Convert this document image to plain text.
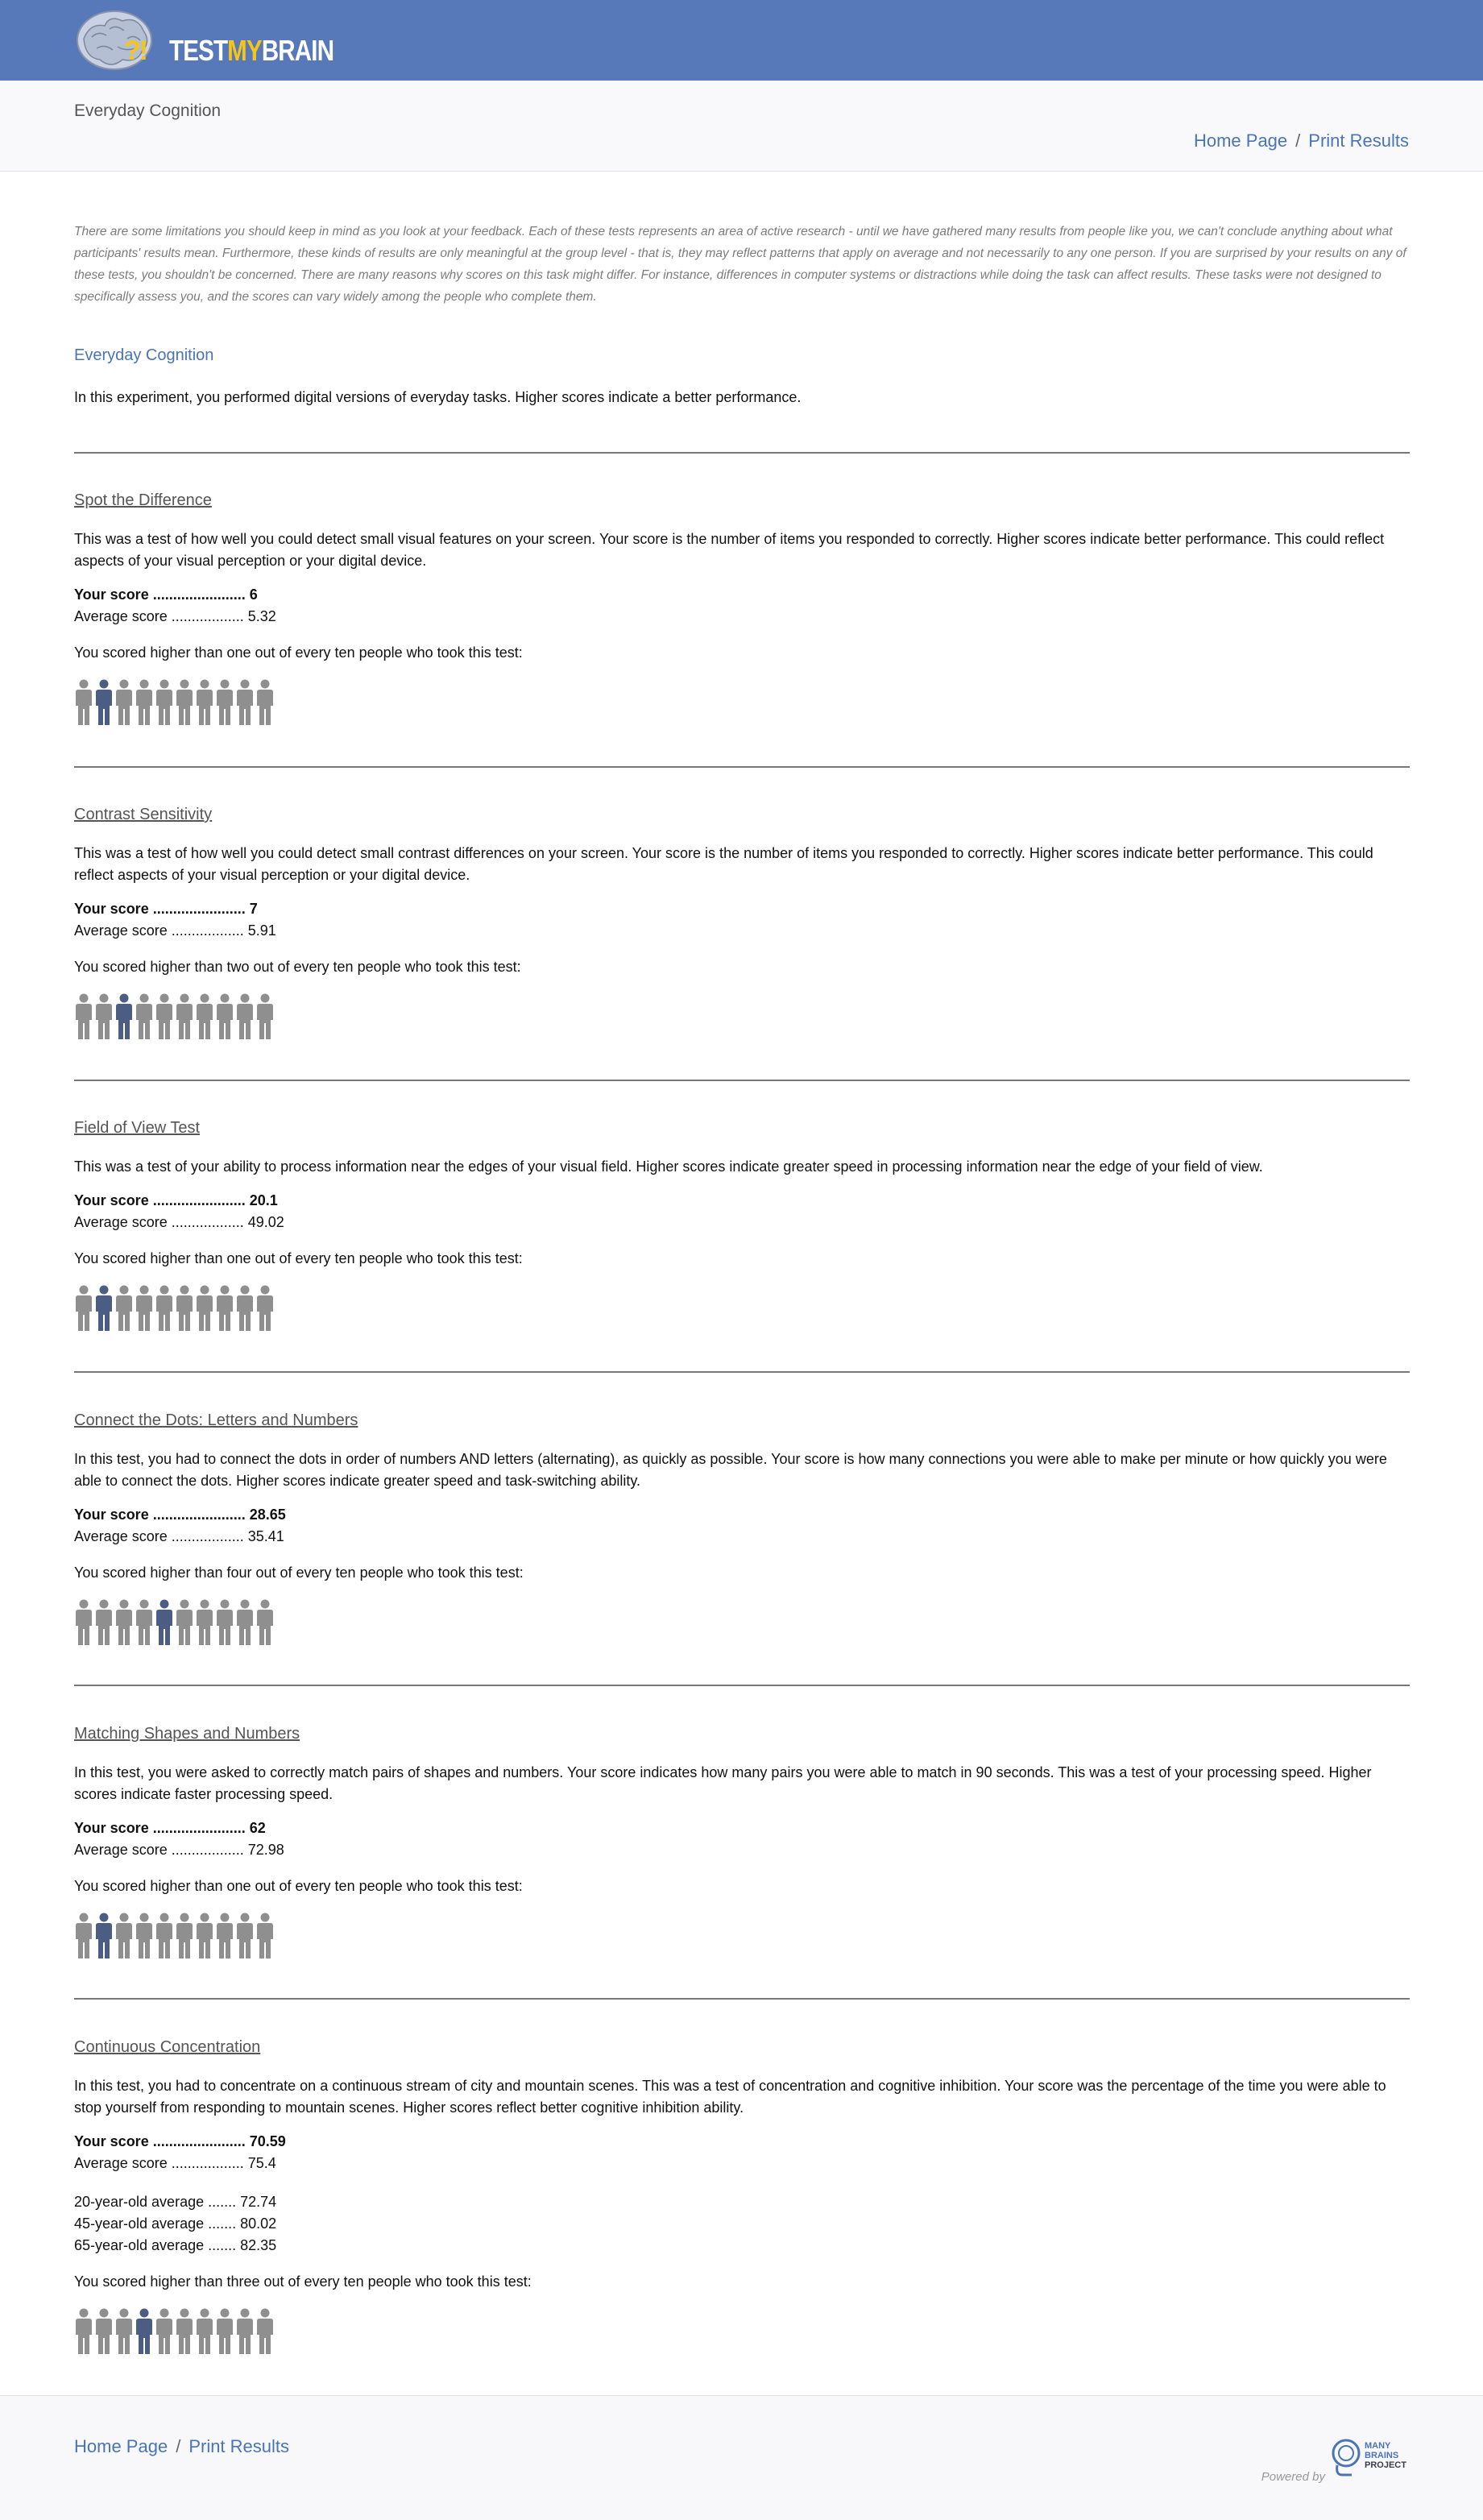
?! TESTMYBRAIN
Everyday Cognition
Home Page / Print Results
There are some limitations you should keep in mind as you look at your feedback. Each of these tests represents an area of active research - until we have gathered many results from people like you, we can't conclude anything about what participants' results mean. Furthermore, these kinds of results are only meaningful at the group level - that is, they may reflect patterns that apply on average and not necessarily to any one person. If you are surprised by your results on any of these tests, you shouldn't be concerned. There are many reasons why scores on this task might differ. For instance, differences in computer systems or distractions while doing the task can affect results. These tasks were not designed to specifically assess you, and the scores can vary widely among the people who complete them.
Everyday Cognition
In this experiment, you performed digital versions of everyday tasks. Higher scores indicate a better performance.

Spot the Difference

This was a test of how well you could detect small visual features on your screen. Your score is the number of items you responded to correctly. Higher scores indicate better performance. This could reflect aspects of your visual perception or your digital device.

Your score ....................... 6
Average score .................. 5.32
You scored higher than one out of every ten people who took this test:

Contrast Sensitivity

This was a test of how well you could detect small contrast differences on your screen. Your score is the number of items you responded to correctly. Higher scores indicate better performance. This could reflect aspects of your visual perception or your digital device.

Your score ....................... 7
Average score .................. 5.91
You scored higher than two out of every ten people who took this test:

Field of View Test

This was a test of your ability to process information near the edges of your visual field. Higher scores indicate greater speed in processing information near the edge of your field of view.

Your score ....................... 20.1
Average score .................. 49.02
You scored higher than one out of every ten people who took this test:

Connect the Dots: Letters and Numbers

In this test, you had to connect the dots in order of numbers AND letters (alternating), as quickly as possible. Your score is how many connections you were able to make per minute or how quickly you were able to connect the dots. Higher scores indicate greater speed and task-switching ability.

Your score ....................... 28.65
Average score .................. 35.41
You scored higher than four out of every ten people who took this test:

Matching Shapes and Numbers

In this test, you were asked to correctly match pairs of shapes and numbers. Your score indicates how many pairs you were able to match in 90 seconds. This was a test of your processing speed. Higher scores indicate faster processing speed.

Your score ....................... 62
Average score .................. 72.98
You scored higher than one out of every ten people who took this test:

Continuous Concentration

In this test, you had to concentrate on a continuous stream of city and mountain scenes. This was a test of concentration and cognitive inhibition. Your score was the percentage of the time you were able to stop yourself from responding to mountain scenes. Higher scores reflect better cognitive inhibition ability.

Your score ....................... 70.59
Average score .................. 75.4
20-year-old average ....... 72.74
45-year-old average ....... 80.02
65-year-old average ....... 82.35
You scored higher than three out of every ten people who took this test:
Home Page / Print Results
Powered by
MANY
BRAINS
PROJECT
